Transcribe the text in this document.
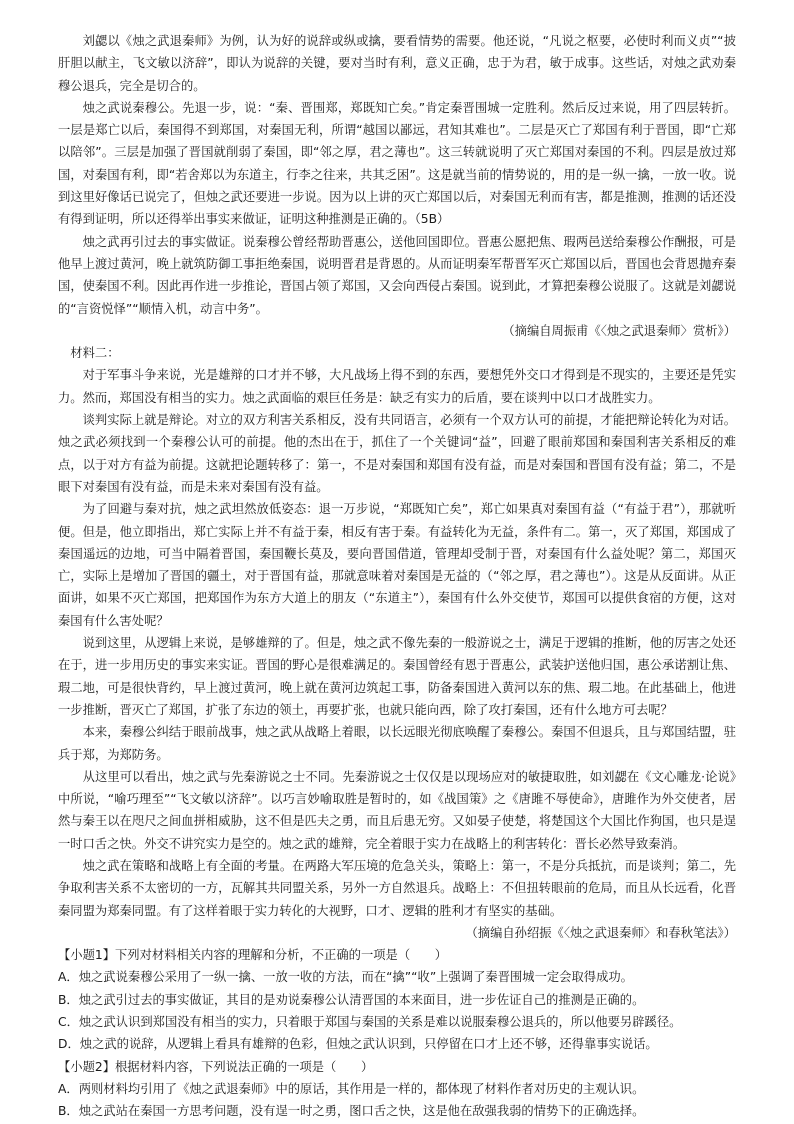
刘勰以《烛之武退秦师》为例，认为好的说辞或纵或擒，要看情势的需要。他还说，“凡说之枢要，必使时利而义贞”“披肝胆以献主，飞文敏以济辞”，即认为说辞的关键，要对当时有利，意义正确，忠于为君，敏于成事。这些话，对烛之武劝秦穆公退兵，完全是切合的。

烛之武说秦穆公。先退一步，说：“秦、晋围郑，郑既知亡矣。”肯定秦晋围城一定胜利。然后反过来说，用了四层转折。一层是郑亡以后，秦国得不到郑国，对秦国无利，所谓“越国以鄙远，君知其难也”。二层是灭亡了郑国有利于晋国，即“亡郑以陪邻”。三层是加强了晋国就削弱了秦国，即“邻之厚，君之薄也”。这三转就说明了灭亡郑国对秦国的不利。四层是放过郑国，对秦国有利，即“若舍郑以为东道主，行李之往来，共其乏困”。这是就当前的情势说的，用的是一纵一擒，一放一收。说到这里好像话已说完了，但烛之武还要进一步说。因为以上讲的灭亡郑国以后，对秦国无利而有害，都是推测，推测的话还没有得到证明，所以还得举出事实来做证，证明这种推测是正确的。（5B）

烛之武再引过去的事实做证。说秦穆公曾经帮助晋惠公，送他回国即位。晋惠公愿把焦、瑕两邑送给秦穆公作酬报，可是他早上渡过黄河，晚上就筑防御工事拒绝秦国，说明晋君是背恩的。从而证明秦军帮晋军灭亡郑国以后，晋国也会背恩抛弃秦国，使秦国不利。因此再作进一步推论，晋国占领了郑国，又会向西侵占秦国。说到此，才算把秦穆公说服了。这就是刘勰说的“言资悦怿”“顺情入机，动言中务”。

（摘编自周振甫《〈烛之武退秦师〉赏析》）

材料二：

对于军事斗争来说，光是雄辩的口才并不够，大凡战场上得不到的东西，要想凭外交口才得到是不现实的，主要还是凭实力。然而，郑国没有相当的实力。烛之武面临的艰巨任务是：缺乏有实力的后盾，要在谈判中以口才战胜实力。

谈判实际上就是辩论。对立的双方利害关系相反，没有共同语言，必须有一个双方认可的前提，才能把辩论转化为对话。烛之武必须找到一个秦穆公认可的前提。他的杰出在于，抓住了一个关键词“益”，回避了眼前郑国和秦国利害关系相反的难点，以于对方有益为前提。这就把论题转移了：第一，不是对秦国和郑国有没有益，而是对秦国和晋国有没有益；第二，不是眼下对秦国有没有益，而是未来对秦国有没有益。

为了回避与秦对抗，烛之武坦然放低姿态：退一万步说，“郑既知亡矣”，郑亡如果真对秦国有益（“有益于君”），那就听便。但是，他立即指出，郑亡实际上并不有益于秦，相反有害于秦。有益转化为无益，条件有二。第一，灭了郑国，郑国成了秦国遥远的边地，可当中隔着晋国，秦国鞭长莫及，要向晋国借道，管理却受制于晋，对秦国有什么益处呢？第二，郑国灭亡，实际上是增加了晋国的疆土，对于晋国有益，那就意味着对秦国是无益的（“邻之厚，君之薄也”）。这是从反面讲。从正面讲，如果不灭亡郑国，把郑国作为东方大道上的朋友（“东道主”），秦国有什么外交使节，郑国可以提供食宿的方便，这对秦国有什么害处呢？

说到这里，从逻辑上来说，是够雄辩的了。但是，烛之武不像先秦的一般游说之士，满足于逻辑的推断，他的厉害之处还在于，进一步用历史的事实来实证。晋国的野心是很难满足的。秦国曾经有恩于晋惠公，武装护送他归国，惠公承诺割让焦、瑕二地，可是很快背约，早上渡过黄河，晚上就在黄河边筑起工事，防备秦国进入黄河以东的焦、瑕二地。在此基础上，他进一步推断，晋灭亡了郑国，扩张了东边的领土，再要扩张，也就只能向西，除了攻打秦国，还有什么地方可去呢？

本来，秦穆公纠结于眼前战事，烛之武从战略上着眼，以长远眼光彻底唤醒了秦穆公。秦国不但退兵，且与郑国结盟，驻兵于郑，为郑防务。

从这里可以看出，烛之武与先秦游说之士不同。先秦游说之士仅仅是以现场应对的敏捷取胜，如刘勰在《文心雕龙·论说》中所说，“喻巧理至”“飞文敏以济辞”。以巧言妙喻取胜是暂时的，如《战国策》之《唐雎不辱使命》，唐雎作为外交使者，居然与秦王以在咫尺之间血拼相威胁，这不但是匹夫之勇，而且后患无穷。又如晏子使楚，将楚国这个大国比作狗国，也只是逞一时口舌之快。外交不讲究实力是空的。烛之武的雄辩，完全着眼于实力在战略上的利害转化：晋长必然导致秦消。

烛之武在策略和战略上有全面的考量。在两路大军压境的危急关头，策略上：第一，不是分兵抵抗，而是谈判；第二，先争取利害关系不太密切的一方，瓦解其共同盟关系，另外一方自然退兵。战略上：不但扭转眼前的危局，而且从长远看，化晋秦同盟为郑秦同盟。有了这样着眼于实力转化的大视野，口才、逻辑的胜利才有坚实的基础。

（摘编自孙绍振《〈烛之武退秦师〉和春秋笔法》）

【小题1】下列对材料相关内容的理解和分析，不正确的一项是（　　）

A．烛之武说秦穆公采用了一纵一擒、一放一收的方法，而在“擒”“收”上强调了秦晋围城一定会取得成功。

B．烛之武引过去的事实做证，其目的是劝说秦穆公认清晋国的本来面目，进一步佐证自己的推测是正确的。

C．烛之武认识到郑国没有相当的实力，只着眼于郑国与秦国的关系是难以说服秦穆公退兵的，所以他要另辟蹊径。

D．烛之武的说辞，从逻辑上看具有雄辩的色彩，但烛之武认识到，只停留在口才上还不够，还得靠事实说话。

【小题2】根据材料内容，下列说法正确的一项是（　　）

A．两则材料均引用了《烛之武退秦师》中的原话，其作用是一样的，都体现了材料作者对历史的主观认识。

B．烛之武站在秦国一方思考问题，没有逞一时之勇，图口舌之快，这是他在敌强我弱的情势下的正确选择。
